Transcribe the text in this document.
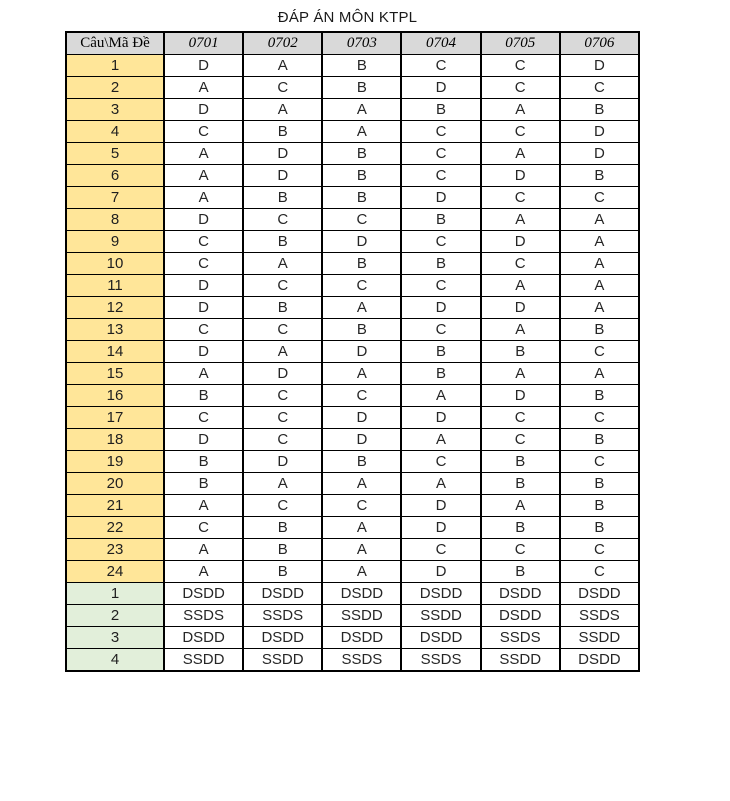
ĐÁP ÁN MÔN KTPL
Câu\Mã Đề	0701	0702	0703	0704	0705	0706
1	D	A	B	C	C	D
2	A	C	B	D	C	C
3	D	A	A	B	A	B
4	C	B	A	C	C	D
5	A	D	B	C	A	D
6	A	D	B	C	D	B
7	A	B	B	D	C	C
8	D	C	C	B	A	A
9	C	B	D	C	D	A
10	C	A	B	B	C	A
11	D	C	C	C	A	A
12	D	B	A	D	D	A
13	C	C	B	C	A	B
14	D	A	D	B	B	C
15	A	D	A	B	A	A
16	B	C	C	A	D	B
17	C	C	D	D	C	C
18	D	C	D	A	C	B
19	B	D	B	C	B	C
20	B	A	A	A	B	B
21	A	C	C	D	A	B
22	C	B	A	D	B	B
23	A	B	A	C	C	C
24	A	B	A	D	B	C
1	DSDD	DSDD	DSDD	DSDD	DSDD	DSDD
2	SSDS	SSDS	SSDD	SSDD	DSDD	SSDS
3	DSDD	DSDD	DSDD	DSDD	SSDS	SSDD
4	SSDD	SSDD	SSDS	SSDS	SSDD	DSDD
